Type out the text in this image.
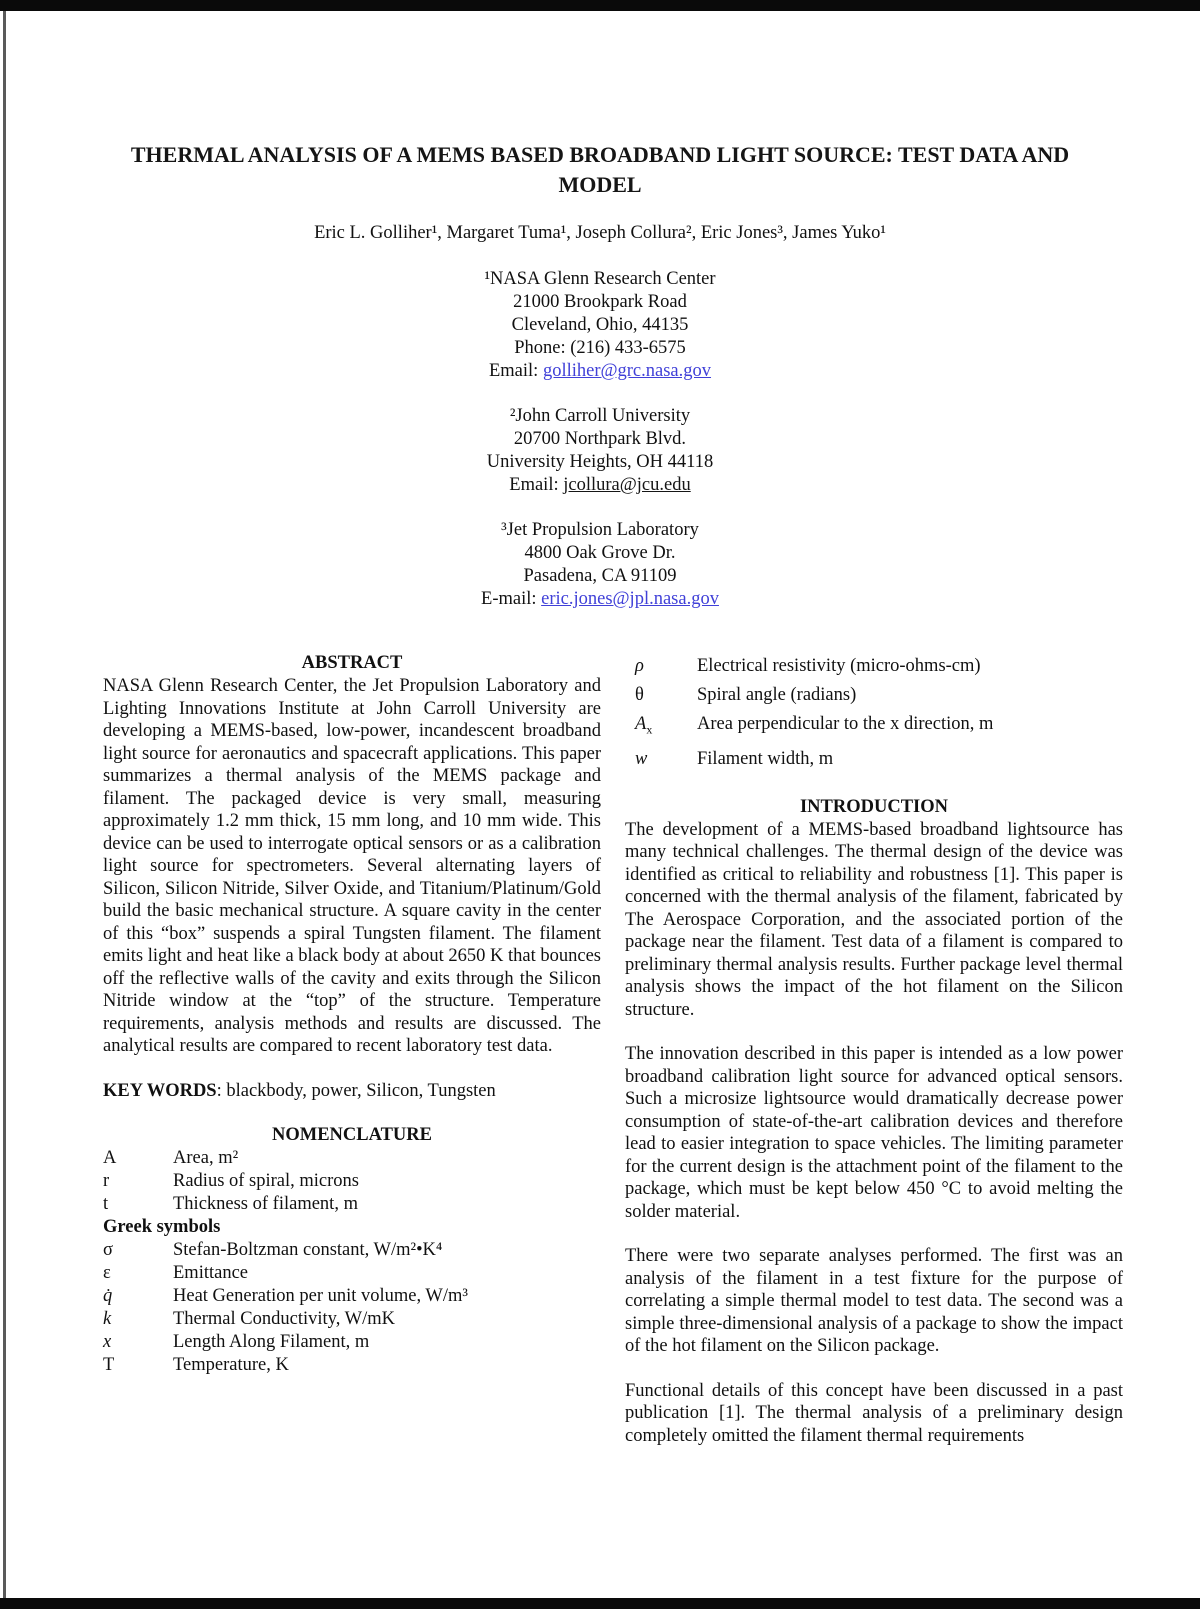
THERMAL ANALYSIS OF A MEMS BASED BROADBAND LIGHT SOURCE: TEST DATA AND MODEL
Eric L. Golliher¹, Margaret Tuma¹, Joseph Collura², Eric Jones³, James Yuko¹
¹NASA Glenn Research Center
21000 Brookpark Road
Cleveland, Ohio, 44135
Phone: (216) 433-6575
Email: golliher@grc.nasa.gov
²John Carroll University
20700 Northpark Blvd.
University Heights, OH 44118
Email: jcollura@jcu.edu
³Jet Propulsion Laboratory
4800 Oak Grove Dr.
Pasadena, CA 91109
E-mail: eric.jones@jpl.nasa.gov
ABSTRACT

NASA Glenn Research Center, the Jet Propulsion Laboratory and Lighting Innovations Institute at John Carroll University are developing a MEMS-based, low-power, incandescent broadband light source for aeronautics and spacecraft applications. This paper summarizes a thermal analysis of the MEMS package and filament. The packaged device is very small, measuring approximately 1.2 mm thick, 15 mm long, and 10 mm wide. This device can be used to interrogate optical sensors or as a calibration light source for spectrometers. Several alternating layers of Silicon, Silicon Nitride, Silver Oxide, and Titanium/Platinum/Gold build the basic mechanical structure. A square cavity in the center of this “box” suspends a spiral Tungsten filament. The filament emits light and heat like a black body at about 2650 K that bounces off the reflective walls of the cavity and exits through the Silicon Nitride window at the “top” of the structure. Temperature requirements, analysis methods and results are discussed. The analytical results are compared to recent laboratory test data.

KEY WORDS: blackbody, power, Silicon, Tungsten

NOMENCLATURE
A	Area, m²
r	Radius of spiral, microns
t	Thickness of filament, m
Greek symbols
σ	Stefan-Boltzman constant, W/m²•K⁴
ε	Emittance
q̇	Heat Generation per unit volume, W/m³
k	Thermal Conductivity, W/mK
x	Length Along Filament, m
T	Temperature, K
ρ	Electrical resistivity (micro-ohms-cm)
θ	Spiral angle (radians)
$A_x$	Area perpendicular to the x direction, m
w	Filament width, m
INTRODUCTION

The development of a MEMS-based broadband lightsource has many technical challenges. The thermal design of the device was identified as critical to reliability and robustness [1]. This paper is concerned with the thermal analysis of the filament, fabricated by The Aerospace Corporation, and the associated portion of the package near the filament. Test data of a filament is compared to preliminary thermal analysis results. Further package level thermal analysis shows the impact of the hot filament on the Silicon structure.

The innovation described in this paper is intended as a low power broadband calibration light source for advanced optical sensors. Such a microsize lightsource would dramatically decrease power consumption of state-of-the-art calibration devices and therefore lead to easier integration to space vehicles. The limiting parameter for the current design is the attachment point of the filament to the package, which must be kept below 450 °C to avoid melting the solder material.

There were two separate analyses performed. The first was an analysis of the filament in a test fixture for the purpose of correlating a simple thermal model to test data. The second was a simple three-dimensional analysis of a package to show the impact of the hot filament on the Silicon package.

Functional details of this concept have been discussed in a past publication [1]. The thermal analysis of a preliminary design completely omitted the filament thermal requirements
